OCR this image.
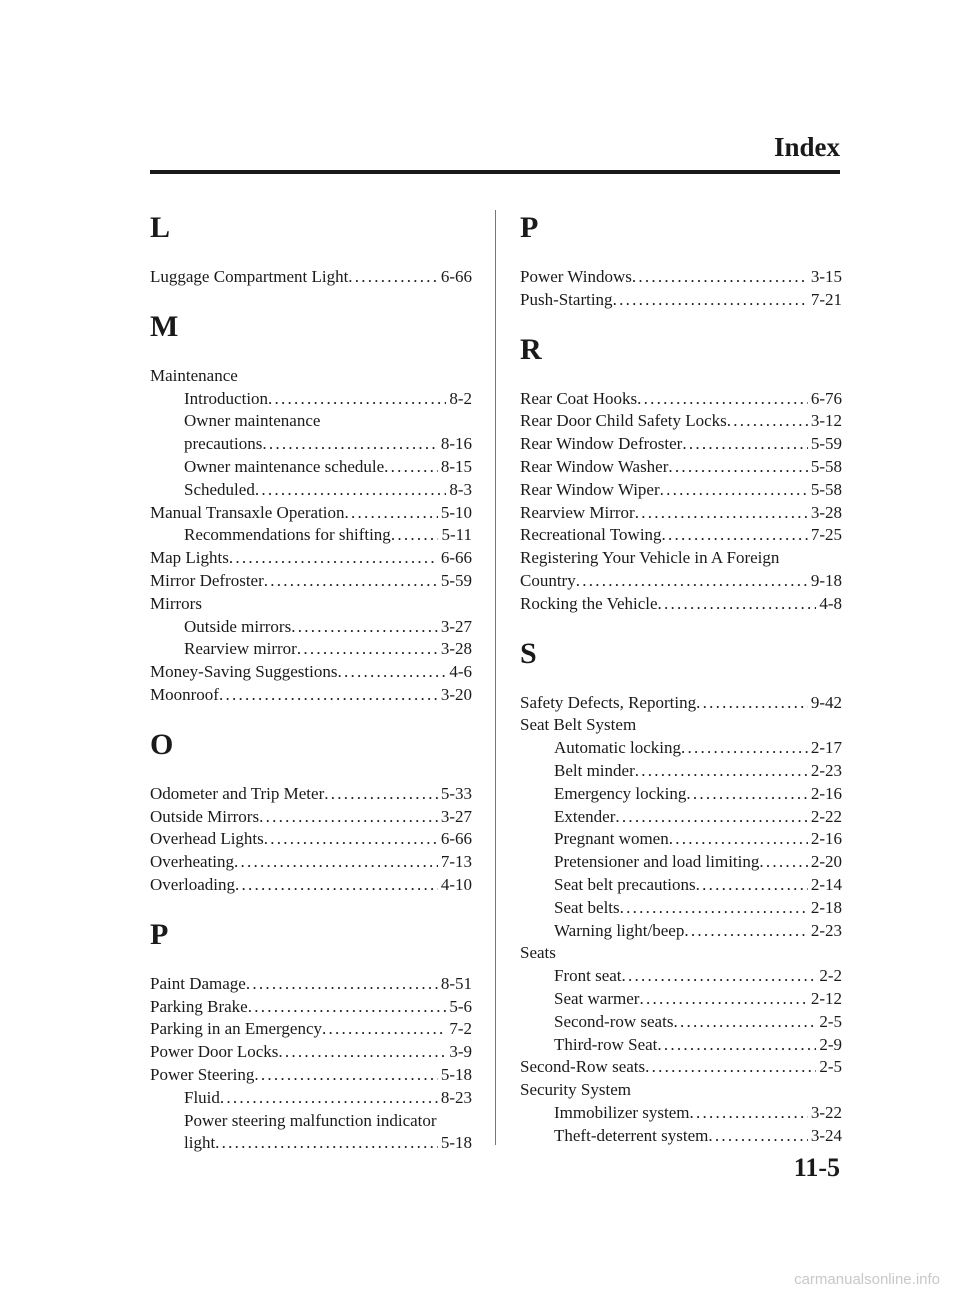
Index
L
Luggage Compartment Light . . .	6-66
M
Maintenance
Introduction . . .	8-2
Owner maintenance
precautions . . .	8-16
Owner maintenance schedule . . .	8-15
Scheduled . . .	8-3
Manual Transaxle Operation . . .	5-10
Recommendations for shifting . . .	5-11
Map Lights . . .	6-66
Mirror Defroster . . .	5-59
Mirrors
Outside mirrors . . .	3-27
Rearview mirror . . .	3-28
Money-Saving Suggestions . . .	4-6
Moonroof . . .	3-20
O
Odometer and Trip Meter . . .	5-33
Outside Mirrors . . .	3-27
Overhead Lights . . .	6-66
Overheating . . .	7-13
Overloading . . .	4-10
P
Paint Damage . . .	8-51
Parking Brake . . .	5-6
Parking in an Emergency . . .	7-2
Power Door Locks . . .	3-9
Power Steering . . .	5-18
Fluid . . .	8-23
Power steering malfunction indicator
light . . .	5-18
P
Power Windows . . .	3-15
Push-Starting . . .	7-21
R
Rear Coat Hooks . . .	6-76
Rear Door Child Safety Locks . . .	3-12
Rear Window Defroster . . .	5-59
Rear Window Washer . . .	5-58
Rear Window Wiper . . .	5-58
Rearview Mirror . . .	3-28
Recreational Towing . . .	7-25
Registering Your Vehicle in A Foreign
Country . . .	9-18
Rocking the Vehicle . . .	4-8
S
Safety Defects, Reporting . . .	9-42
Seat Belt System
Automatic locking . . .	2-17
Belt minder . . .	2-23
Emergency locking . . .	2-16
Extender . . .	2-22
Pregnant women . . .	2-16
Pretensioner and load limiting . . .	2-20
Seat belt precautions . . .	2-14
Seat belts . . .	2-18
Warning light/beep . . .	2-23
Seats
Front seat . . .	2-2
Seat warmer . . .	2-12
Second-row seats . . .	2-5
Third-row Seat . . .	2-9
Second-Row seats . . .	2-5
Security System
Immobilizer system . . .	3-22
Theft-deterrent system . . .	3-24
11-5
carmanualsonline.info
